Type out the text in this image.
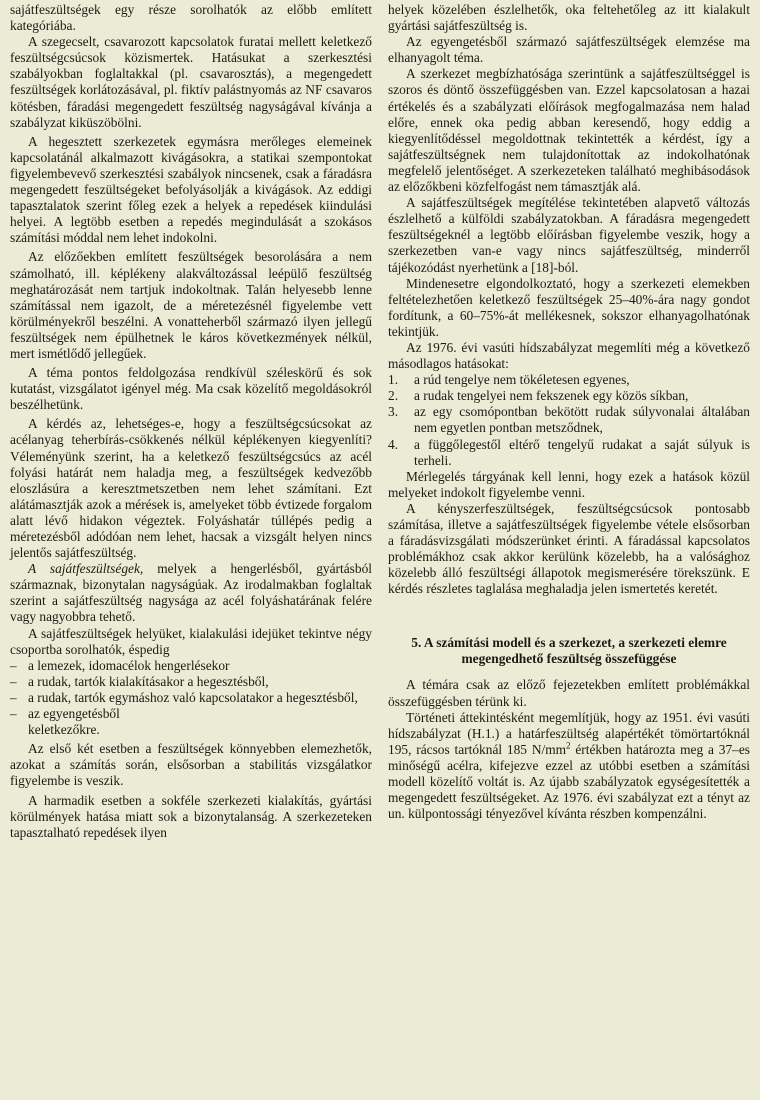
sajátfeszültségek egy része sorolhatók az előbb említett kategóriába.

A szegecselt, csavarozott kapcsolatok furatai mellett keletkező feszültségcsúcsok közismertek. Hatásukat a szerkesztési szabályokban foglaltakkal (pl. csavarosztás), a megengedett feszültségek korlátozásával, pl. fiktív palástnyomás az NF csavaros kötésben, fáradási megengedett feszültség nagyságával kívánja a szabályzat kiküszöbölni.

A hegesztett szerkezetek egymásra merőleges elemeinek kapcsolatánál alkalmazott kivágásokra, a statikai szempontokat figyelembevevő szerkesztési szabályok nincsenek, csak a fáradásra megengedett feszültségeket befolyásolják a kivágások. Az eddigi tapasztalatok szerint főleg ezek a helyek a repedések kiindulási helyei. A legtöbb esetben a repedés megindulását a szokásos számítási móddal nem lehet indokolni.

Az előzőekben említett feszültségek besorolására a nem számolható, ill. képlékeny alakváltozással leépülő feszültség meghatározását nem tartjuk indokoltnak. Talán helyesebb lenne számítással nem igazolt, de a méretezésnél figyelembe vett körülményekről beszélni. A vonatteherből származó ilyen jellegű feszültségek nem épülhetnek le káros következmények nélkül, mert ismétlődő jellegűek.

A téma pontos feldolgozása rendkívül széleskörű és sok kutatást, vizsgálatot igényel még. Ma csak közelítő megoldásokról beszélhetünk.

A kérdés az, lehetséges-e, hogy a feszültségcsúcsokat az acélanyag teherbírás-csökkenés nélkül képlékenyen kiegyenlíti? Véleményünk szerint, ha a keletkező feszültségcsúcs az acél folyási határát nem haladja meg, a feszültségek kedvezőbb eloszlásúra a keresztmetszetben nem lehet számítani. Ezt alátámasztják azok a mérések is, amelyeket több évtizede forgalom alatt lévő hidakon végeztek. Folyáshatár túllépés pedig a méretezésből adódóan nem lehet, hacsak a vizsgált helyen nincs jelentős sajátfeszültség.

A sajátfeszültségek, melyek a hengerlésből, gyártásból származnak, bizonytalan nagyságúak. Az irodalmakban foglaltak szerint a sajátfeszültség nagysága az acél folyáshatárának felére vagy nagyobbra tehető.

A sajátfeszültségek helyüket, kialakulási idejüket tekintve négy csoportba sorolhatók, éspedig

– a lemezek, idomacélok hengerlésekor
– a rudak, tartók kialakításakor a hegesztésből,
– a rudak, tartók egymáshoz való kapcsolatakor a hegesztésből,
– az egyengetésből
keletkezőkre.

Az első két esetben a feszültségek könnyebben elemezhetők, azokat a számítás során, elsősorban a stabilitás vizsgálatkor figyelembe is veszik.

A harmadik esetben a sokféle szerkezeti kialakítás, gyártási körülmények hatása miatt sok a bizonytalanság. A szerkezeteken tapasztalható repedések ilyen

helyek közelében észlelhetők, oka feltehetőleg az itt kialakult gyártási sajátfeszültség is.

Az egyengetésből származó sajátfeszültségek elemzése ma elhanyagolt téma.

A szerkezet megbízhatósága szerintünk a sajátfeszültséggel is szoros és döntő összefüggésben van. Ezzel kapcsolatosan a hazai értékelés és a szabályzati előírások megfogalmazása nem halad előre, ennek oka pedig abban keresendő, hogy eddig a kiegyenlítődéssel megoldottnak tekintették a kérdést, így a sajátfeszültségnek nem tulajdonítottak az indokolhatónak megfelelő jelentőséget. A szerkezeteken található meghibásodások az előzőkbeni közfelfogást nem támasztják alá.

A sajátfeszültségek megítélése tekintetében alapvető változás észlelhető a külföldi szabályzatokban. A fáradásra megengedett feszültségeknél a legtöbb előírásban figyelembe veszik, hogy a szerkezetben van-e vagy nincs sajátfeszültség, minderről tájékozódást nyerhetünk a [18]-ból.

Mindenesetre elgondolkoztató, hogy a szerkezeti elemekben feltételezhetően keletkező feszültségek 25–40%-ára nagy gondot fordítunk, a 60–75%-át mellékesnek, sokszor elhanyagolhatónak tekintjük.

Az 1976. évi vasúti hídszabályzat megemlíti még a következő másodlagos hatásokat:

1.	a rúd tengelye nem tökéletesen egyenes,
2.	a rudak tengelyei nem fekszenek egy közös síkban,
3.	az egy csomópontban bekötött rudak súlyvonalai általában nem egyetlen pontban metsződnek,
4.	a függőlegestől eltérő tengelyű rudakat a saját súlyuk is terheli.

Mérlegelés tárgyának kell lenni, hogy ezek a hatások közül melyeket indokolt figyelembe venni.

A kényszerfeszültségek, feszültségcsúcsok pontosabb számítása, illetve a sajátfeszültségek figyelembe vétele elsősorban a fáradásvizsgálati módszerünket érinti. A fáradással kapcsolatos problémákhoz csak akkor kerülünk közelebb, ha a valósághoz közelebb álló feszültségi állapotok megismerésére törekszünk. E kérdés részletes taglalása meghaladja jelen ismertetés keretét.

5. A számítási modell és a szerkezet, a szerkezeti elemre megengedhető feszültség összefüggése

A témára csak az előző fejezetekben említett problémákkal összefüggésben térünk ki.

Történeti áttekintésként megemlítjük, hogy az 1951. évi vasúti hídszabályzat (H.1.) a határfeszültség alapértékét tömörtartóknál 195, rácsos tartóknál 185 $N/mm^2$ értékben határozta meg a 37–es minőségű acélra, kifejezve ezzel az utóbbi esetben a számítási modell közelítő voltát is. Az újabb szabályzatok egységesítették a megengedett feszültségeket. Az 1976. évi szabályzat ezt a tényt az un. külpontossági tényezővel kívánta részben kompenzálni.
